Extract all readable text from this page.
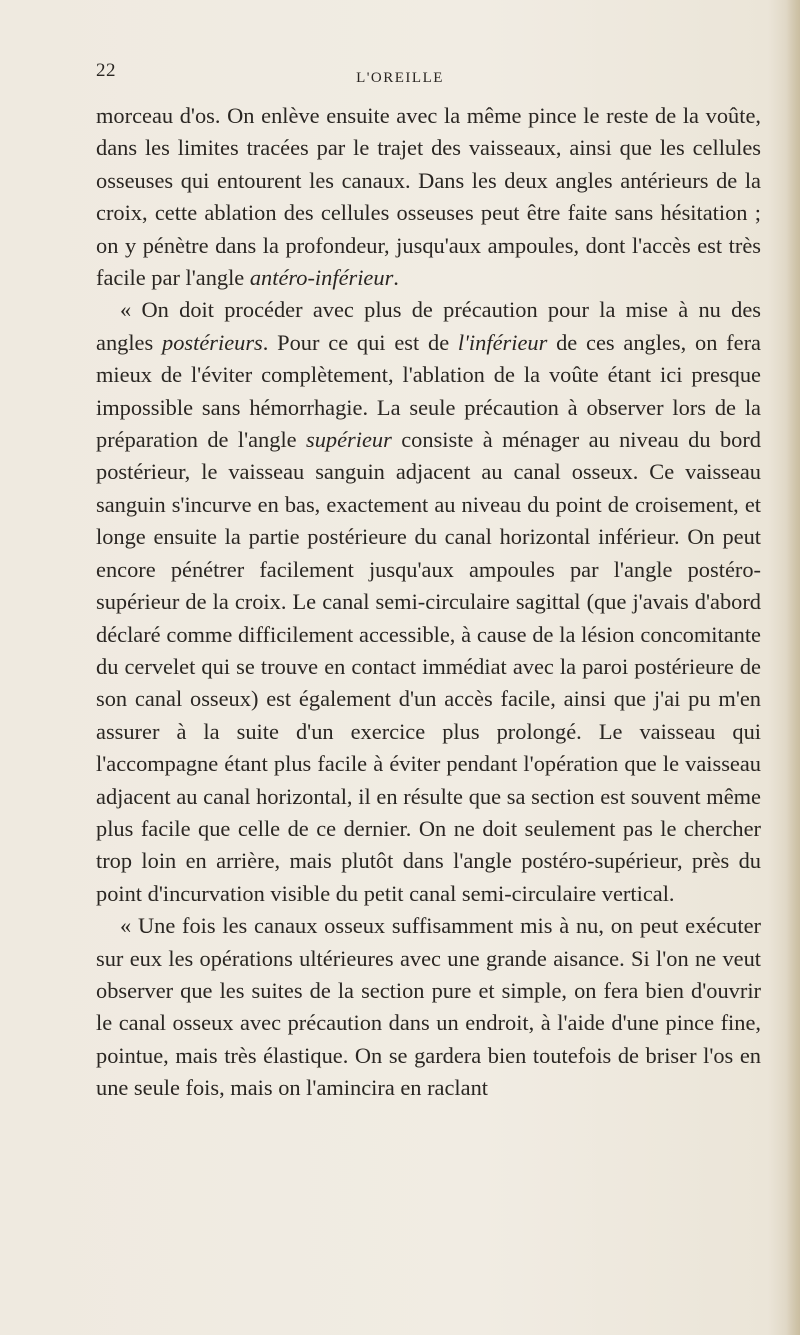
22	L'OREILLE

morceau d'os. On enlève ensuite avec la même pince le reste de la voûte, dans les limites tracées par le trajet des vaisseaux, ainsi que les cellules osseuses qui entourent les canaux. Dans les deux angles antérieurs de la croix, cette ablation des cellules osseuses peut être faite sans hésitation ; on y pénètre dans la profondeur, jusqu'aux ampoules, dont l'accès est très facile par l'angle antéro-inférieur.

« On doit procéder avec plus de précaution pour la mise à nu des angles postérieurs. Pour ce qui est de l'inférieur de ces angles, on fera mieux de l'éviter complètement, l'ablation de la voûte étant ici presque impossible sans hémorrhagie. La seule précaution à observer lors de la préparation de l'angle supérieur consiste à ménager au niveau du bord postérieur, le vaisseau sanguin adjacent au canal osseux. Ce vaisseau sanguin s'incurve en bas, exactement au niveau du point de croisement, et longe ensuite la partie postérieure du canal horizontal inférieur. On peut encore pénétrer facilement jusqu'aux ampoules par l'angle postéro-supérieur de la croix. Le canal semi-circulaire sagittal (que j'avais d'abord déclaré comme difficilement accessible, à cause de la lésion concomitante du cervelet qui se trouve en contact immédiat avec la paroi postérieure de son canal osseux) est également d'un accès facile, ainsi que j'ai pu m'en assurer à la suite d'un exercice plus prolongé. Le vaisseau qui l'accompagne étant plus facile à éviter pendant l'opération que le vaisseau adjacent au canal horizontal, il en résulte que sa section est souvent même plus facile que celle de ce dernier. On ne doit seulement pas le chercher trop loin en arrière, mais plutôt dans l'angle postéro-supérieur, près du point d'incurvation visible du petit canal semi-circulaire vertical.

« Une fois les canaux osseux suffisamment mis à nu, on peut exécuter sur eux les opérations ultérieures avec une grande aisance. Si l'on ne veut observer que les suites de la section pure et simple, on fera bien d'ouvrir le canal osseux avec précaution dans un endroit, à l'aide d'une pince fine, pointue, mais très élastique. On se gardera bien toutefois de briser l'os en une seule fois, mais on l'amincira en raclant
